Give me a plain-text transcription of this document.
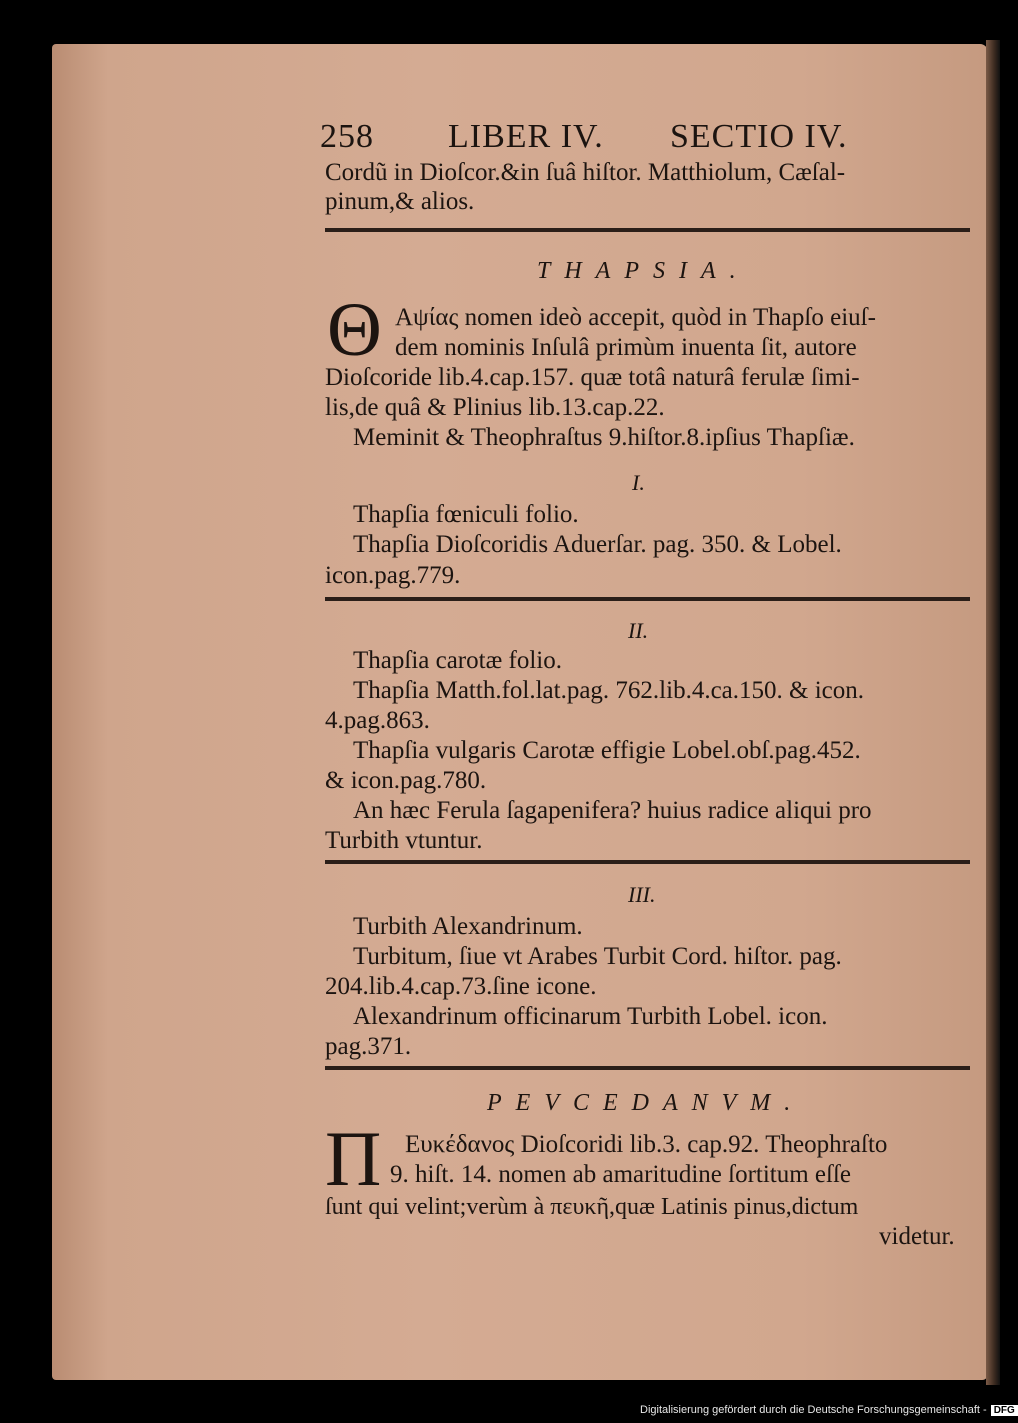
258 LIBER IV. SECTIO IV.
Cordũ in Dioſcor.&in ſuâ hiſtor. Matthiolum, Cæſal-
pinum,& alios.
THAPSIA.
Θ Αψίας nomen ideò accepit, quòd in Thapſo eiuſ-
dem nominis Inſulâ primùm inuenta ſit, autore
Dioſcoride lib.4.cap.157. quæ totâ naturâ ferulæ ſimi-
lis,de quâ & Plinius lib.13.cap.22.
Meminit & Theophraſtus 9.hiſtor.8.ipſius Thapſiæ.
I.
Thapſia fœniculi folio.
Thapſia Dioſcoridis Aduerſar. pag. 350. & Lobel.
icon.pag.779.
II.
Thapſia carotæ folio.
Thapſia Matth.fol.lat.pag. 762.lib.4.ca.150. & icon.
4.pag.863.
Thapſia vulgaris Carotæ effigie Lobel.obſ.pag.452.
& icon.pag.780.
An hæc Ferula ſagapenifera? huius radice aliqui pro
Turbith vtuntur.
III.
Turbith Alexandrinum.
Turbitum, ſiue vt Arabes Turbit Cord. hiſtor. pag.
204.lib.4.cap.73.ſine icone.
Alexandrinum officinarum Turbith Lobel. icon.
pag.371.
PEVCEDANVM.
Π Ευκέδανος Dioſcoridi lib.3. cap.92. Theophraſto
9. hiſt. 14. nomen ab amaritudine ſortitum eſſe
ſunt qui velint;verùm à πευκῆ,quæ Latinis pinus,dictum
videtur.
Digitalisierung gefördert durch die Deutsche Forschungsgemeinschaft - DFG
